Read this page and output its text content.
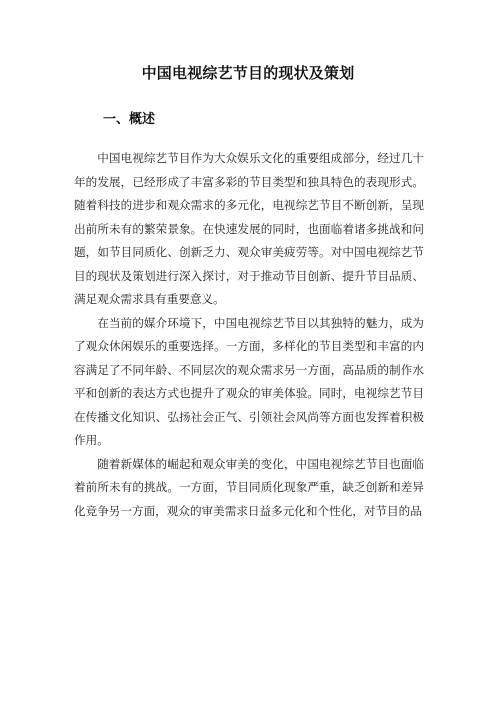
中国电视综艺节目的现状及策划
一、概述

中国电视综艺节目作为大众娱乐文化的重要组成部分，经过几十年的发展，已经形成了丰富多彩的节目类型和独具特色的表现形式。随着科技的进步和观众需求的多元化，电视综艺节目不断创新，呈现出前所未有的繁荣景象。在快速发展的同时，也面临着诸多挑战和问题，如节目同质化、创新乏力、观众审美疲劳等。对中国电视综艺节目的现状及策划进行深入探讨，对于推动节目创新、提升节目品质、满足观众需求具有重要意义。

在当前的媒介环境下，中国电视综艺节目以其独特的魅力，成为了观众休闲娱乐的重要选择。一方面，多样化的节目类型和丰富的内容满足了不同年龄、不同层次的观众需求另一方面，高品质的制作水平和创新的表达方式也提升了观众的审美体验。同时，电视综艺节目在传播文化知识、弘扬社会正气、引领社会风尚等方面也发挥着积极作用。

随着新媒体的崛起和观众审美的变化，中国电视综艺节目也面临着前所未有的挑战。一方面，节目同质化现象严重，缺乏创新和差异化竞争另一方面，观众的审美需求日益多元化和个性化，对节目的品
